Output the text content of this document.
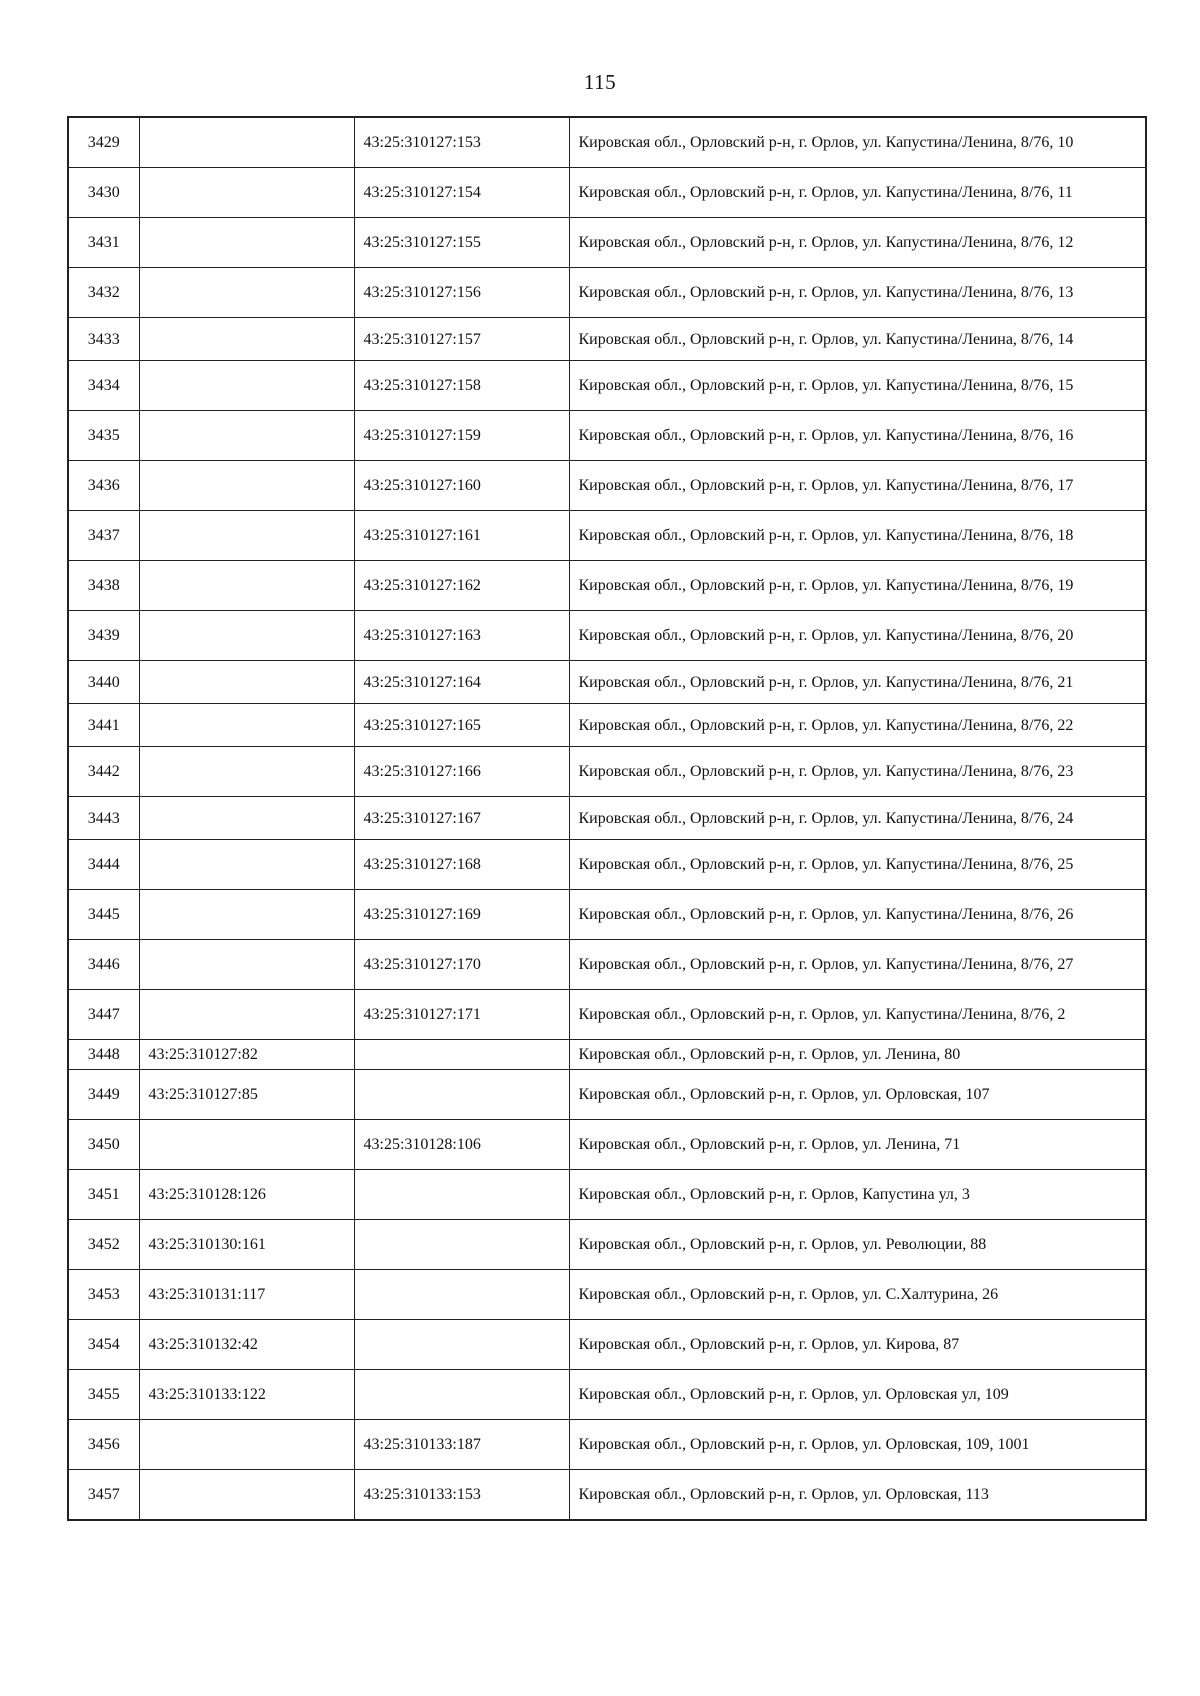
115
3429		43:25:310127:153	Кировская обл., Орловский р-н, г. Орлов, ул. Капустина/Ленина, 8/76, 10
3430		43:25:310127:154	Кировская обл., Орловский р-н, г. Орлов, ул. Капустина/Ленина, 8/76, 11
3431		43:25:310127:155	Кировская обл., Орловский р-н, г. Орлов, ул. Капустина/Ленина, 8/76, 12
3432		43:25:310127:156	Кировская обл., Орловский р-н, г. Орлов, ул. Капустина/Ленина, 8/76, 13
3433		43:25:310127:157	Кировская обл., Орловский р-н, г. Орлов, ул. Капустина/Ленина, 8/76, 14
3434		43:25:310127:158	Кировская обл., Орловский р-н, г. Орлов, ул. Капустина/Ленина, 8/76, 15
3435		43:25:310127:159	Кировская обл., Орловский р-н, г. Орлов, ул. Капустина/Ленина, 8/76, 16
3436		43:25:310127:160	Кировская обл., Орловский р-н, г. Орлов, ул. Капустина/Ленина, 8/76, 17
3437		43:25:310127:161	Кировская обл., Орловский р-н, г. Орлов, ул. Капустина/Ленина, 8/76, 18
3438		43:25:310127:162	Кировская обл., Орловский р-н, г. Орлов, ул. Капустина/Ленина, 8/76, 19
3439		43:25:310127:163	Кировская обл., Орловский р-н, г. Орлов, ул. Капустина/Ленина, 8/76, 20
3440		43:25:310127:164	Кировская обл., Орловский р-н, г. Орлов, ул. Капустина/Ленина, 8/76, 21
3441		43:25:310127:165	Кировская обл., Орловский р-н, г. Орлов, ул. Капустина/Ленина, 8/76, 22
3442		43:25:310127:166	Кировская обл., Орловский р-н, г. Орлов, ул. Капустина/Ленина, 8/76, 23
3443		43:25:310127:167	Кировская обл., Орловский р-н, г. Орлов, ул. Капустина/Ленина, 8/76, 24
3444		43:25:310127:168	Кировская обл., Орловский р-н, г. Орлов, ул. Капустина/Ленина, 8/76, 25
3445		43:25:310127:169	Кировская обл., Орловский р-н, г. Орлов, ул. Капустина/Ленина, 8/76, 26
3446		43:25:310127:170	Кировская обл., Орловский р-н, г. Орлов, ул. Капустина/Ленина, 8/76, 27
3447		43:25:310127:171	Кировская обл., Орловский р-н, г. Орлов, ул. Капустина/Ленина, 8/76, 2
3448	43:25:310127:82		Кировская обл., Орловский р-н, г. Орлов, ул. Ленина, 80
3449	43:25:310127:85		Кировская обл., Орловский р-н, г. Орлов, ул. Орловская, 107
3450		43:25:310128:106	Кировская обл., Орловский р-н, г. Орлов, ул. Ленина, 71
3451	43:25:310128:126		Кировская обл., Орловский р-н, г. Орлов, Капустина ул, 3
3452	43:25:310130:161		Кировская обл., Орловский р-н, г. Орлов, ул. Революции, 88
3453	43:25:310131:117		Кировская обл., Орловский р-н, г. Орлов, ул. С.Халтурина, 26
3454	43:25:310132:42		Кировская обл., Орловский р-н, г. Орлов, ул. Кирова, 87
3455	43:25:310133:122		Кировская обл., Орловский р-н, г. Орлов, ул. Орловская ул, 109
3456		43:25:310133:187	Кировская обл., Орловский р-н, г. Орлов, ул. Орловская, 109, 1001
3457		43:25:310133:153	Кировская обл., Орловский р-н, г. Орлов, ул. Орловская, 113
